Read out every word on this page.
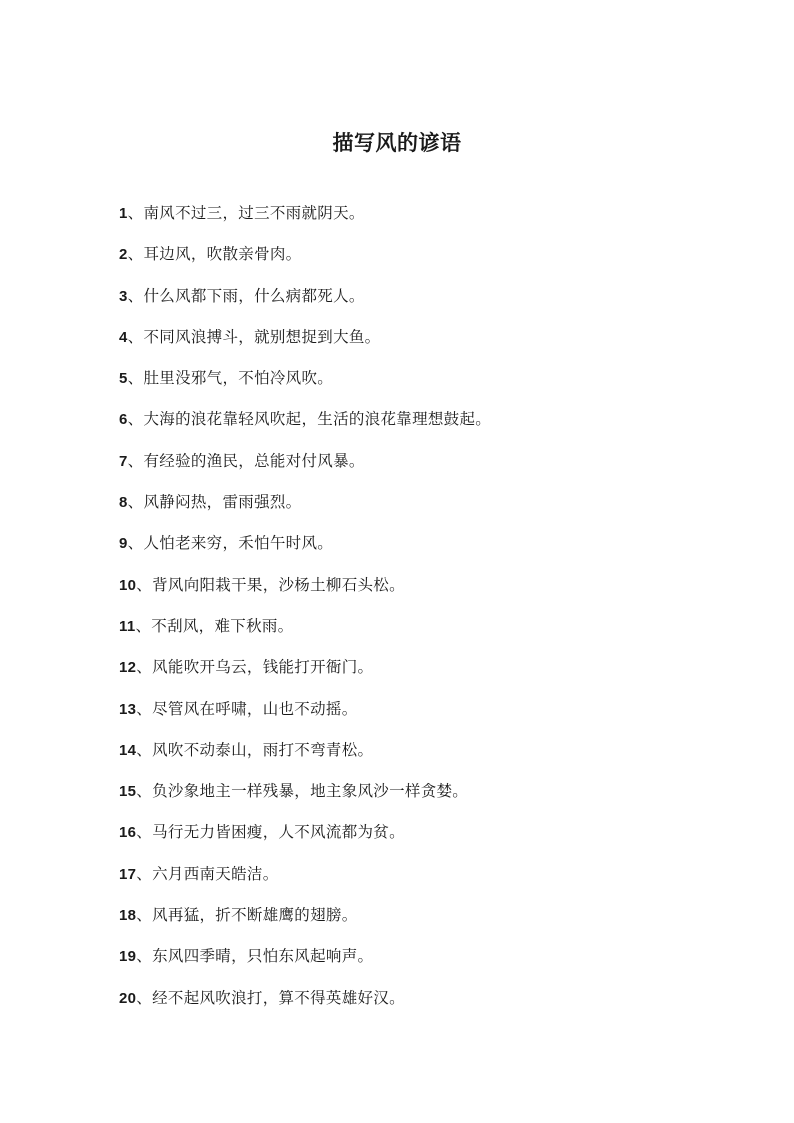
描写风的谚语
1、南风不过三，过三不雨就阴天。
2、耳边风，吹散亲骨肉。
3、什么风都下雨，什么病都死人。
4、不同风浪搏斗，就别想捉到大鱼。
5、肚里没邪气，不怕冷风吹。
6、大海的浪花靠轻风吹起，生活的浪花靠理想鼓起。
7、有经验的渔民，总能对付风暴。
8、风静闷热，雷雨强烈。
9、人怕老来穷，禾怕午时风。
10、背风向阳栽干果，沙杨土柳石头松。
11、不刮风，难下秋雨。
12、风能吹开乌云，钱能打开衙门。
13、尽管风在呼啸，山也不动摇。
14、风吹不动泰山，雨打不弯青松。
15、负沙象地主一样残暴，地主象风沙一样贪婪。
16、马行无力皆困瘦，人不风流都为贫。
17、六月西南天皓洁。
18、风再猛，折不断雄鹰的翅膀。
19、东风四季晴，只怕东风起响声。
20、经不起风吹浪打，算不得英雄好汉。
